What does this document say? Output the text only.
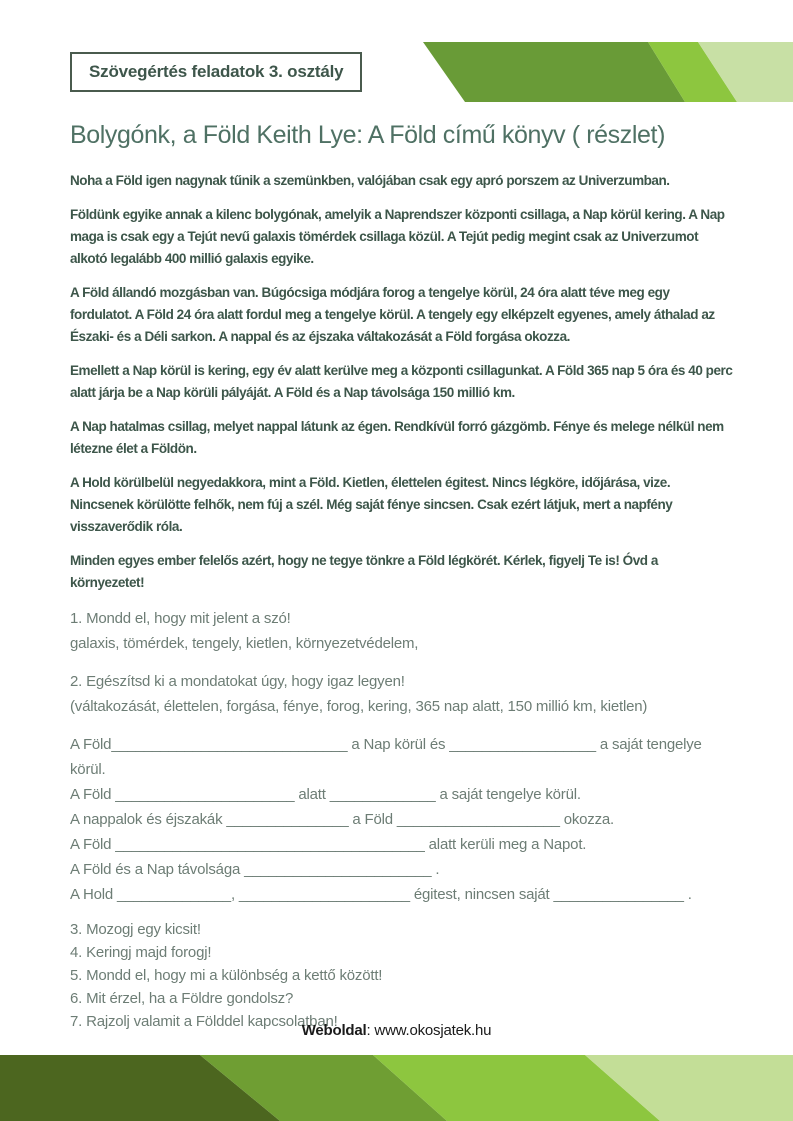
Szövegértés feladatok 3. osztály
Bolygónk, a Föld Keith Lye: A Föld című könyv ( részlet)

Noha a Föld igen nagynak tűnik a szemünkben, valójában csak egy apró porszem az Univerzumban.

Földünk egyike annak a kilenc bolygónak, amelyik a Naprendszer központi csillaga, a Nap körül kering. A Nap maga is csak egy a Tejút nevű galaxis tömérdek csillaga közül. A Tejút pedig megint csak az Univerzumot alkotó legalább 400 millió galaxis egyike.

A Föld állandó mozgásban van. Búgócsiga módjára forog a tengelye körül, 24 óra alatt téve meg egy fordulatot. A Föld 24 óra alatt fordul meg a tengelye körül. A tengely egy elképzelt egyenes, amely áthalad az Északi- és a Déli sarkon. A nappal és az éjszaka váltakozását a Föld forgása okozza.

Emellett a Nap körül is kering, egy év alatt kerülve meg a központi csillagunkat. A Föld 365 nap 5 óra és 40 perc alatt járja be a Nap körüli pályáját. A Föld és a Nap távolsága 150 millió km.

A Nap hatalmas csillag, melyet nappal látunk az égen. Rendkívül forró gázgömb. Fénye és melege nélkül nem létezne élet a Földön.

A Hold körülbelül negyedakkora, mint a Föld. Kietlen, élettelen égitest. Nincs légköre, időjárása, vize. Nincsenek körülötte felhők, nem fúj a szél. Még saját fénye sincsen. Csak ezért látjuk, mert a napfény visszaverődik róla.

Minden egyes ember felelős azért, hogy ne tegye tönkre a Föld légkörét. Kérlek, figyelj Te is! Óvd a környezetet!

1. Mondd el, hogy mit jelent a szó!

galaxis, tömérdek, tengely, kietlen, környezetvédelem,

2. Egészítsd ki a mondatokat úgy, hogy igaz legyen!

(váltakozását, élettelen, forgása, fénye, forog, kering, 365 nap alatt, 150 millió km, kietlen)

A Föld_____________________________ a Nap körül és __________________ a saját tengelye körül.

A Föld ______________________ alatt _____________ a saját tengelye körül.

A nappalok és éjszakák _______________ a Föld ____________________ okozza.

A Föld ______________________________________ alatt kerüli meg a Napot.

A Föld és a Nap távolsága _______________________ .

A Hold ______________, _____________________ égitest, nincsen saját ________________ .

3. Mozogj egy kicsit!

4. Keringj majd forogj!

5. Mondd el, hogy mi a különbség a kettő között!

6. Mit érzel, ha a Földre gondolsz?

7. Rajzolj valamit a Földdel kapcsolatban!

Weboldal: www.okosjatek.hu
